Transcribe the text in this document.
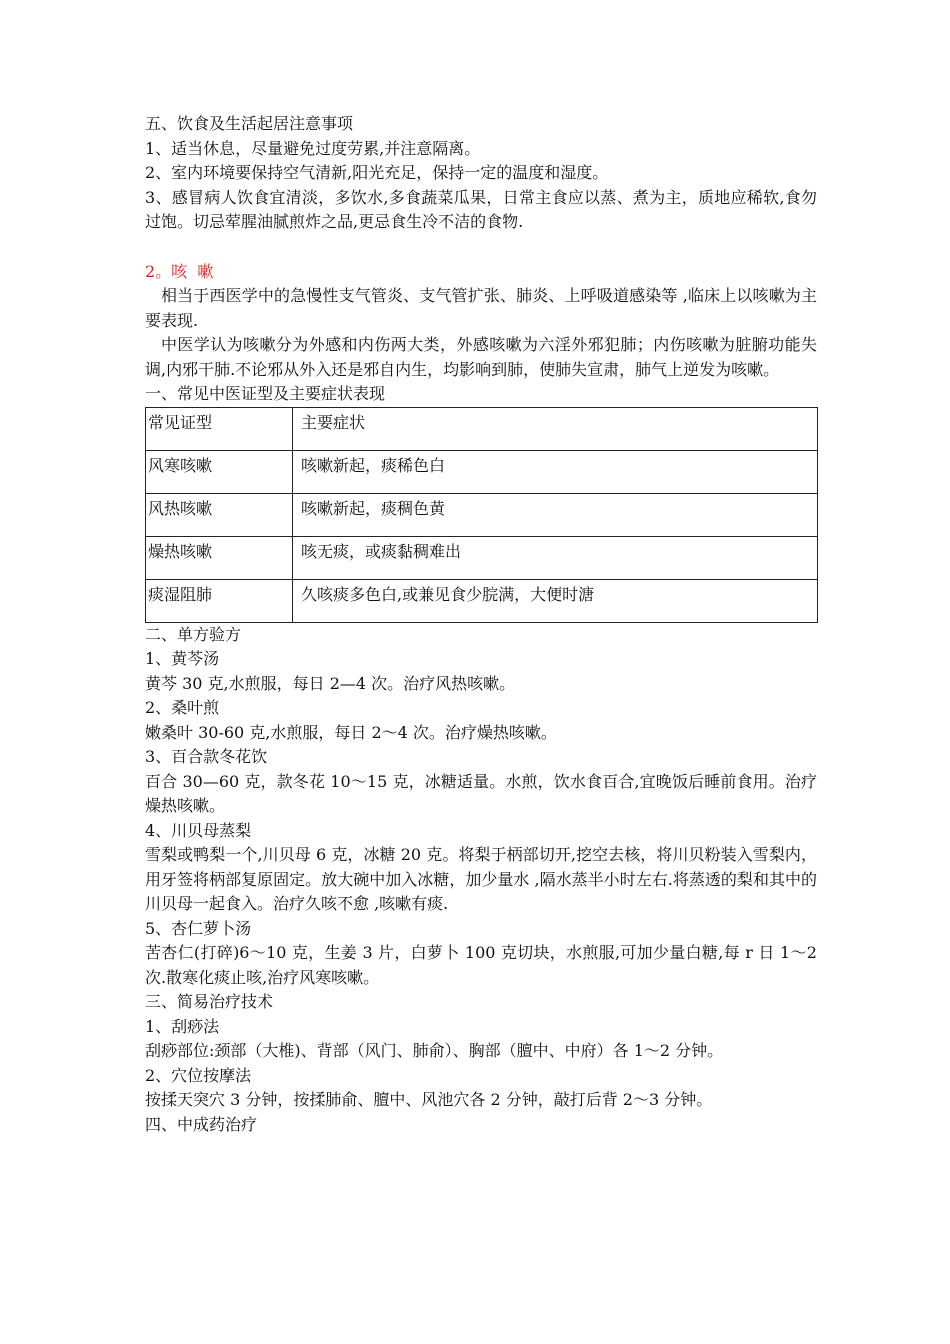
五、饮食及生活起居注意事项

1、适当休息，尽量避免过度劳累,并注意隔离。

2、室内环境要保持空气清新,阳光充足，保持一定的温度和湿度。

3、感冒病人饮食宜清淡，多饮水,多食蔬菜瓜果，日常主食应以蒸、煮为主，质地应稀软,食勿过饱。切忌荤腥油腻煎炸之品,更忌食生冷不洁的食物.

2。咳  嗽

相当于西医学中的急慢性支气管炎、支气管扩张、肺炎、上呼吸道感染等 ,临床上以咳嗽为主要表现.

中医学认为咳嗽分为外感和内伤两大类，外感咳嗽为六淫外邪犯肺；内伤咳嗽为脏腑功能失调,内邪干肺.不论邪从外入还是邪自内生，均影响到肺，使肺失宣肃，肺气上逆发为咳嗽。

一、常见中医证型及主要症状表现

常见证型	主要症状
风寒咳嗽	咳嗽新起，痰稀色白
风热咳嗽	咳嗽新起，痰稠色黄
燥热咳嗽	咳无痰，或痰黏稠难出
痰湿阻肺	久咳痰多色白,或兼见食少脘满，大便时溏

二、单方验方

1、黄芩汤

黄芩 30 克,水煎服，每日 2—4 次。治疗风热咳嗽。

2、桑叶煎

嫩桑叶 30-60 克,水煎服，每日 2～4 次。治疗燥热咳嗽。

3、百合款冬花饮

百合 30—60 克，款冬花 10～15 克，冰糖适量。水煎，饮水食百合,宜晚饭后睡前食用。治疗燥热咳嗽。

4、川贝母蒸梨

雪梨或鸭梨一个,川贝母 6 克，冰糖 20 克。将梨于柄部切开,挖空去核，将川贝粉装入雪梨内，用牙签将柄部复原固定。放大碗中加入冰糖，加少量水 ,隔水蒸半小时左右.将蒸透的梨和其中的川贝母一起食入。治疗久咳不愈 ,咳嗽有痰.

5、杏仁萝卜汤

苦杏仁(打碎)6～10 克，生姜 3 片，白萝卜 100 克切块，水煎服,可加少量白糖,每 r 日 1～2 次.散寒化痰止咳,治疗风寒咳嗽。

三、简易治疗技术

1、刮痧法

刮痧部位:颈部（大椎)、背部（风门、肺俞）、胸部（膻中、中府）各 1～2 分钟。

2、穴位按摩法

按揉天突穴 3 分钟，按揉肺俞、膻中、风池穴各 2 分钟，敲打后背 2～3 分钟。

四、中成药治疗
